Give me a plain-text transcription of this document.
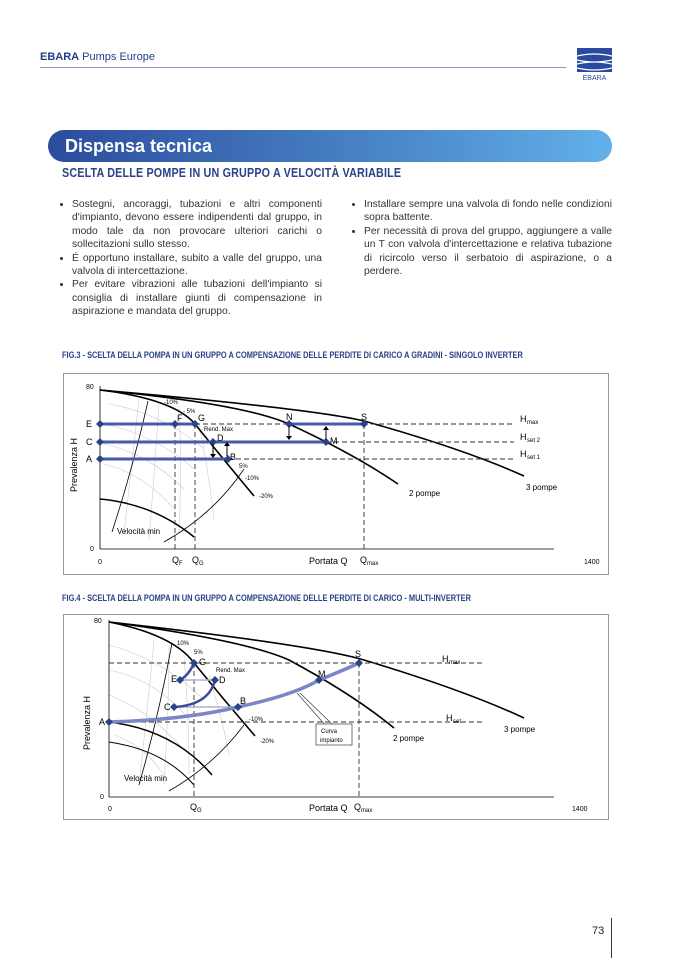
EBARA Pumps Europe
EBARA
Dispensa tecnica
SCELTA DELLE POMPE IN UN GRUPPO A VELOCITÀ VARIABILE
• Sostegni, ancoraggi, tubazioni e altri componenti d'impianto, devono essere indipendenti dal gruppo, in modo tale da non provocare ulteriori carichi o sollecitazioni sullo stesso.
• É opportuno installare, subito a valle del gruppo, una valvola di intercettazione.
• Per evitare vibrazioni alle tubazioni dell'impianto si consiglia di installare giunti di compensazione in aspirazione e mandata del gruppo.
• Installare sempre una valvola di fondo nelle condizioni sopra battente.
• Per necessità di prova del gruppo, aggiungere a valle un T con valvola d'intercettazione e relativa tubazione di ricircolo verso il serbatoio di aspirazione, o a perdere.
FIG.3 - SCELTA DELLA POMPA IN UN GRUPPO A COMPENSAZIONE DELLE PERDITE DI CARICO A GRADINI - SINGOLO INVERTER
80
0
0	1400
Prevalenza H
Portata Q
E
C
A
F G
D
B
N
M
S
Q F Q G	Q max
H max
H set 2
H set 1
-10%
- 5%
Rend. Max
5%
-10%
-20%	2 pompe
3 pompe
Velocità min
FIG.4 - SCELTA DELLA POMPA IN UN GRUPPO A COMPENSAZIONE DELLE PERDITE DI CARICO - MULTI-INVERTER
Curva
impianto
80
0
0	1400
Prevalenza H
Portata Q
A
B
C
D
E
G
M
S
Q G	Q max
H max
H set
10%
5%
Rend. Max
-10%
-20%	2 pompe
3 pompe
Velocità min
73
